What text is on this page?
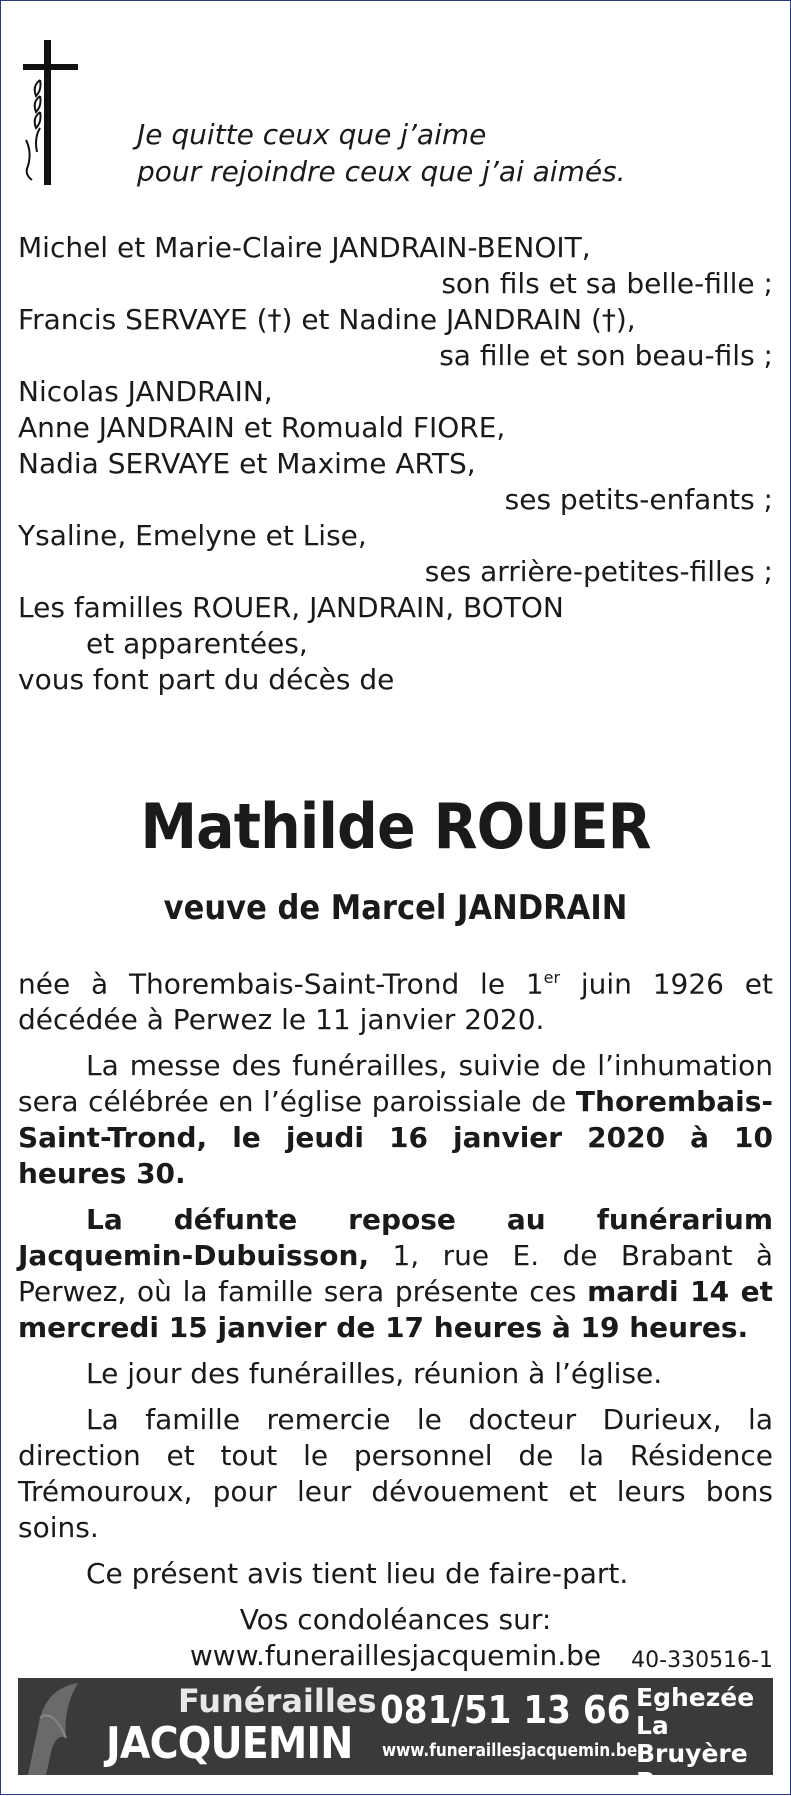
Je quitte ceux que j’aime
pour rejoindre ceux que j’ai aimés.
Michel et Marie-Claire JANDRAIN-BENOIT,
son fils et sa belle-fille ;
Francis SERVAYE (†) et Nadine JANDRAIN (†),
sa fille et son beau-fils ;
Nicolas JANDRAIN,
Anne JANDRAIN et Romuald FIORE,
Nadia SERVAYE et Maxime ARTS,
ses petits-enfants ;
Ysaline, Emelyne et Lise,
ses arrière-petites-filles ;
Les familles ROUER, JANDRAIN, BOTON
et apparentées,
vous font part du décès de
Mathilde ROUER
veuve de Marcel JANDRAIN

née à Thorembais-Saint-Trond le 1er juin 1926 et décédée à Perwez le 11 janvier 2020.

La messe des funérailles, suivie de l’inhumation sera célébrée en l’église paroissiale de Thorembais-Saint-Trond, le jeudi 16 janvier 2020 à 10 heures 30.

La défunte repose au funérarium Jacquemin-Dubuisson, 1, rue E. de Brabant à Perwez, où la famille sera présente ces mardi 14 et mercredi 15 janvier de 17 heures à 19 heures.

Le jour des funérailles, réunion à l’église.

La famille remercie le docteur Durieux, la direction et tout le personnel de la Résidence Trémouroux, pour leur dévouement et leurs bons soins.

Ce présent avis tient lieu de faire-part.

Vos condoléances sur:
www.funeraillesjacquemin.be	40-330516-1
Funérailles
JACQUEMIN
081/51 13 66
www.funeraillesjacquemin.be
Eghezée
La Bruyère
Perwez
